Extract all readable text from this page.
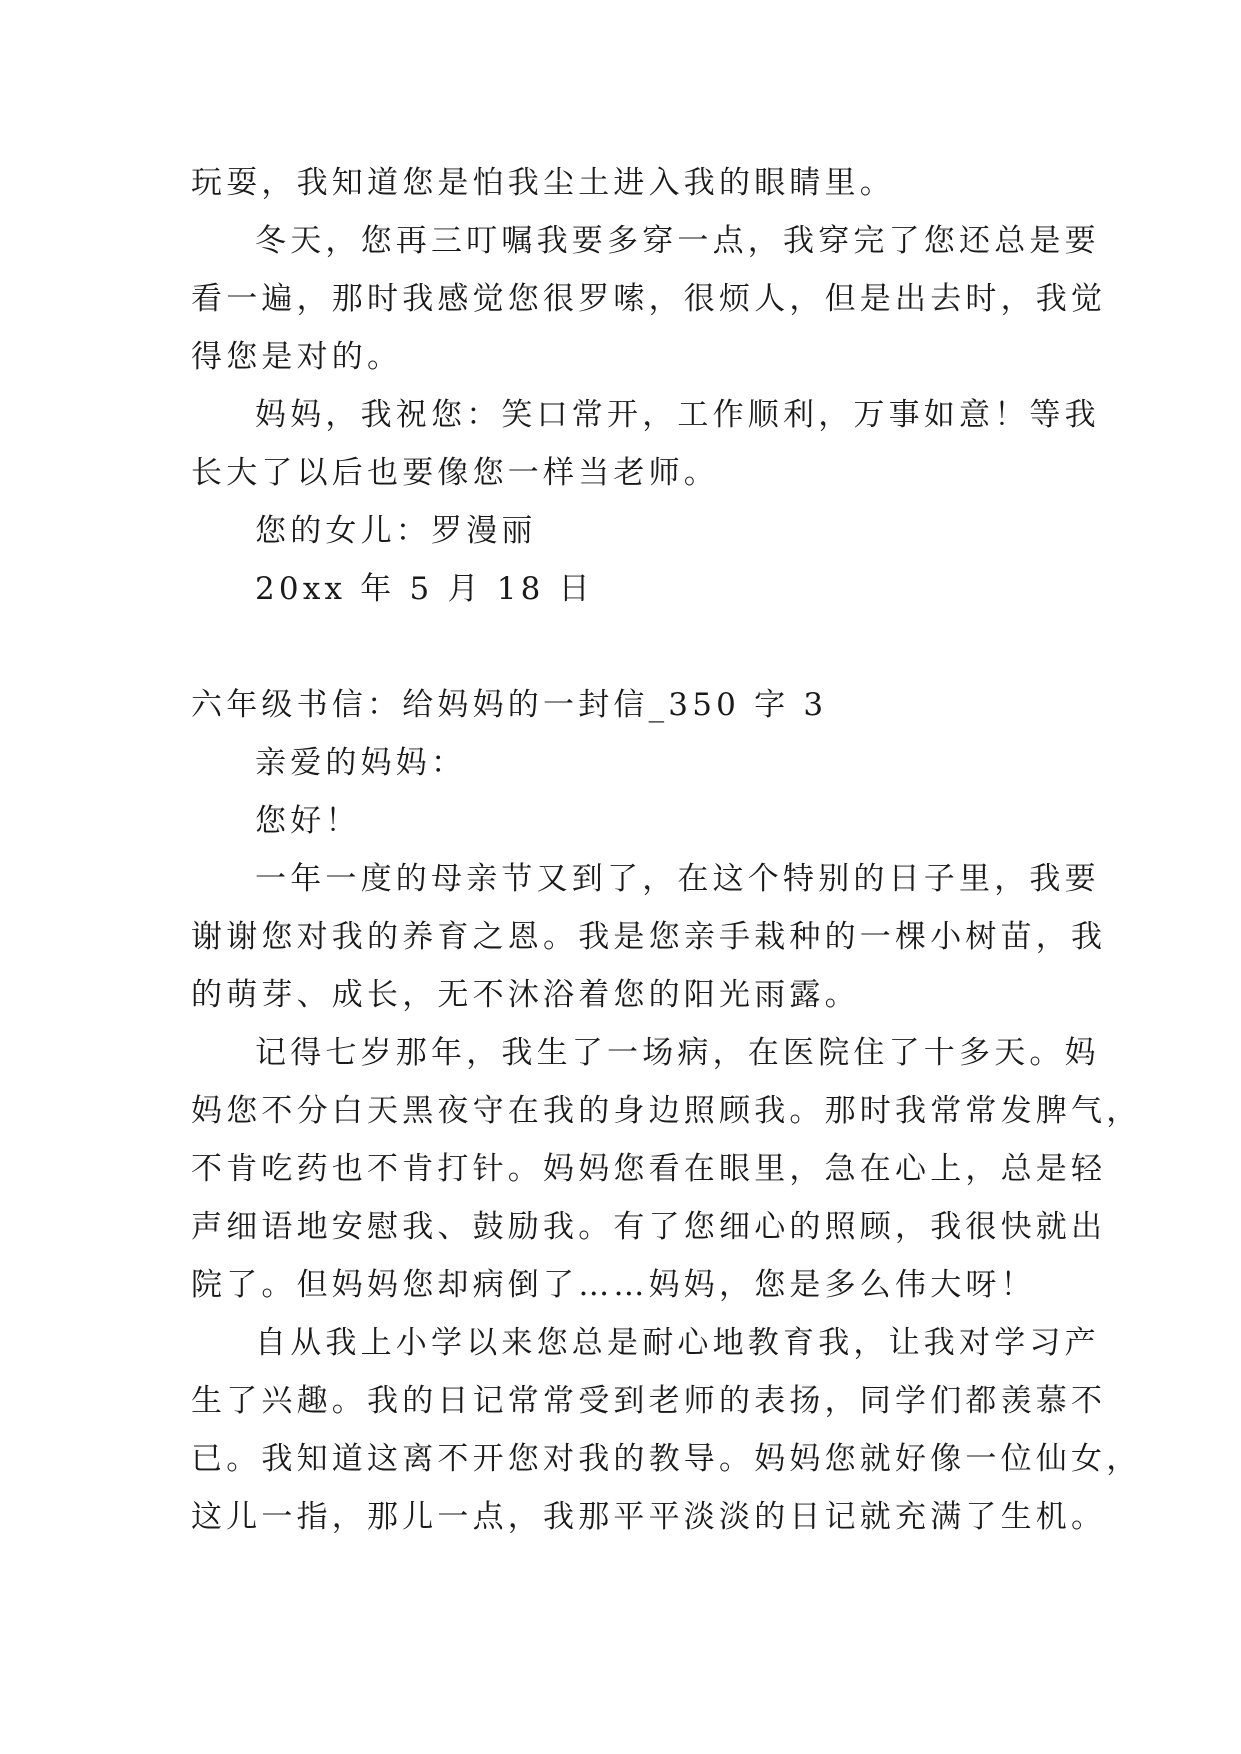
玩耍，我知道您是怕我尘土进入我的眼睛里。
冬天，您再三叮嘱我要多穿一点，我穿完了您还总是要
看一遍，那时我感觉您很罗嗦，很烦人，但是出去时，我觉
得您是对的。
妈妈，我祝您：笑口常开，工作顺利，万事如意！等我
长大了以后也要像您一样当老师。
您的女儿：罗漫丽
20xx 年 5 月 18 日
六年级书信：给妈妈的一封信_350 字 3
亲爱的妈妈：
您好！
一年一度的母亲节又到了，在这个特别的日子里，我要
谢谢您对我的养育之恩。我是您亲手栽种的一棵小树苗，我
的萌芽、成长，无不沐浴着您的阳光雨露。
记得七岁那年，我生了一场病，在医院住了十多天。妈
妈您不分白天黑夜守在我的身边照顾我。那时我常常发脾气，
不肯吃药也不肯打针。妈妈您看在眼里，急在心上，总是轻
声细语地安慰我、鼓励我。有了您细心的照顾，我很快就出
院了。但妈妈您却病倒了……妈妈，您是多么伟大呀！
自从我上小学以来您总是耐心地教育我，让我对学习产
生了兴趣。我的日记常常受到老师的表扬，同学们都羡慕不
已。我知道这离不开您对我的教导。妈妈您就好像一位仙女，
这儿一指，那儿一点，我那平平淡淡的日记就充满了生机。
